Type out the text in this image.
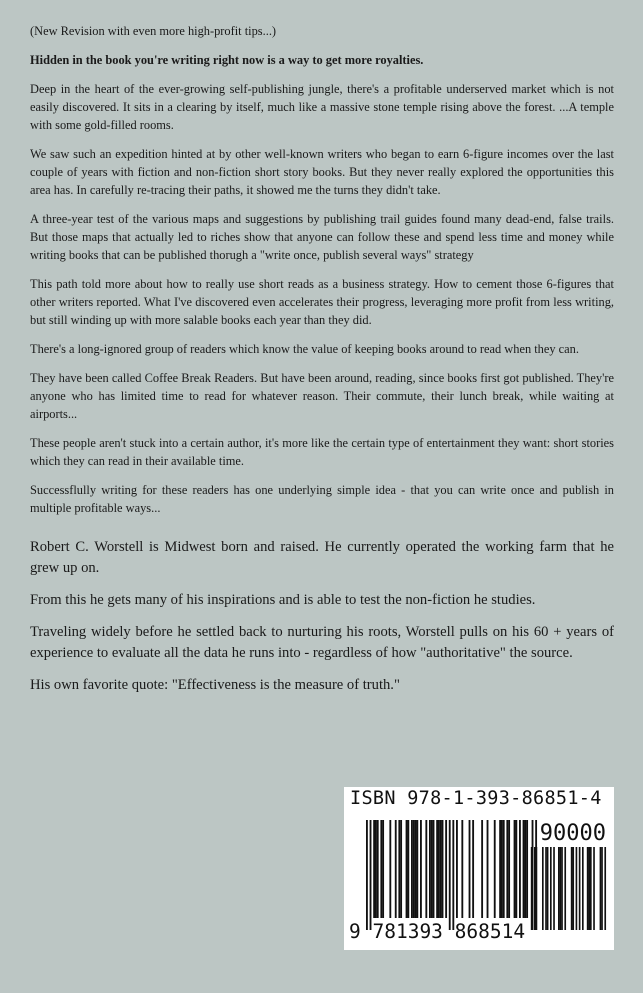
(New Revision with even more high-profit tips...)

Hidden in the book you're writing right now is a way to get more royalties.

Deep in the heart of the ever-growing self-publishing jungle, there's a profitable underserved market which is not easily discovered. It sits in a clearing by itself, much like a massive stone temple rising above the forest. ...A temple with some gold-filled rooms.

We saw such an expedition hinted at by other well-known writers who began to earn 6-figure incomes over the last couple of years with fiction and non-fiction short story books. But they never really explored the opportunities this area has. In carefully re-tracing their paths, it showed me the turns they didn't take.

A three-year test of the various maps and suggestions by publishing trail guides found many dead-end, false trails. But those maps that actually led to riches show that anyone can follow these and spend less time and money while writing books that can be published thorugh a "write once, publish several ways" strategy

This path told more about how to really use short reads as a business strategy. How to cement those 6-figures that other writers reported. What I've discovered even accelerates their progress, leveraging more profit from less writing, but still winding up with more salable books each year than they did.

There's a long-ignored group of readers which know the value of keeping books around to read when they can.

They have been called Coffee Break Readers. But have been around, reading, since books first got published. They're anyone who has limited time to read for whatever reason. Their commute, their lunch break, while waiting at airports...

These people aren't stuck into a certain author, it's more like the certain type of entertainment they want: short stories which they can read in their available time.

Successflully writing for these readers has one underlying simple idea - that you can write once and publish in multiple profitable ways...

Robert C. Worstell is Midwest born and raised. He currently operated the working farm that he grew up on.

From this he gets many of his inspirations and is able to test the non-fiction he studies.

Traveling widely before he settled back to nurturing his roots, Worstell pulls on his 60 + years of experience to evaluate all the data he runs into - regardless of how "authoritative" the source.

His own favorite quote: "Effectiveness is the measure of truth."

ISBN 978-1-393-86851-4
90000
9 781393 868514
